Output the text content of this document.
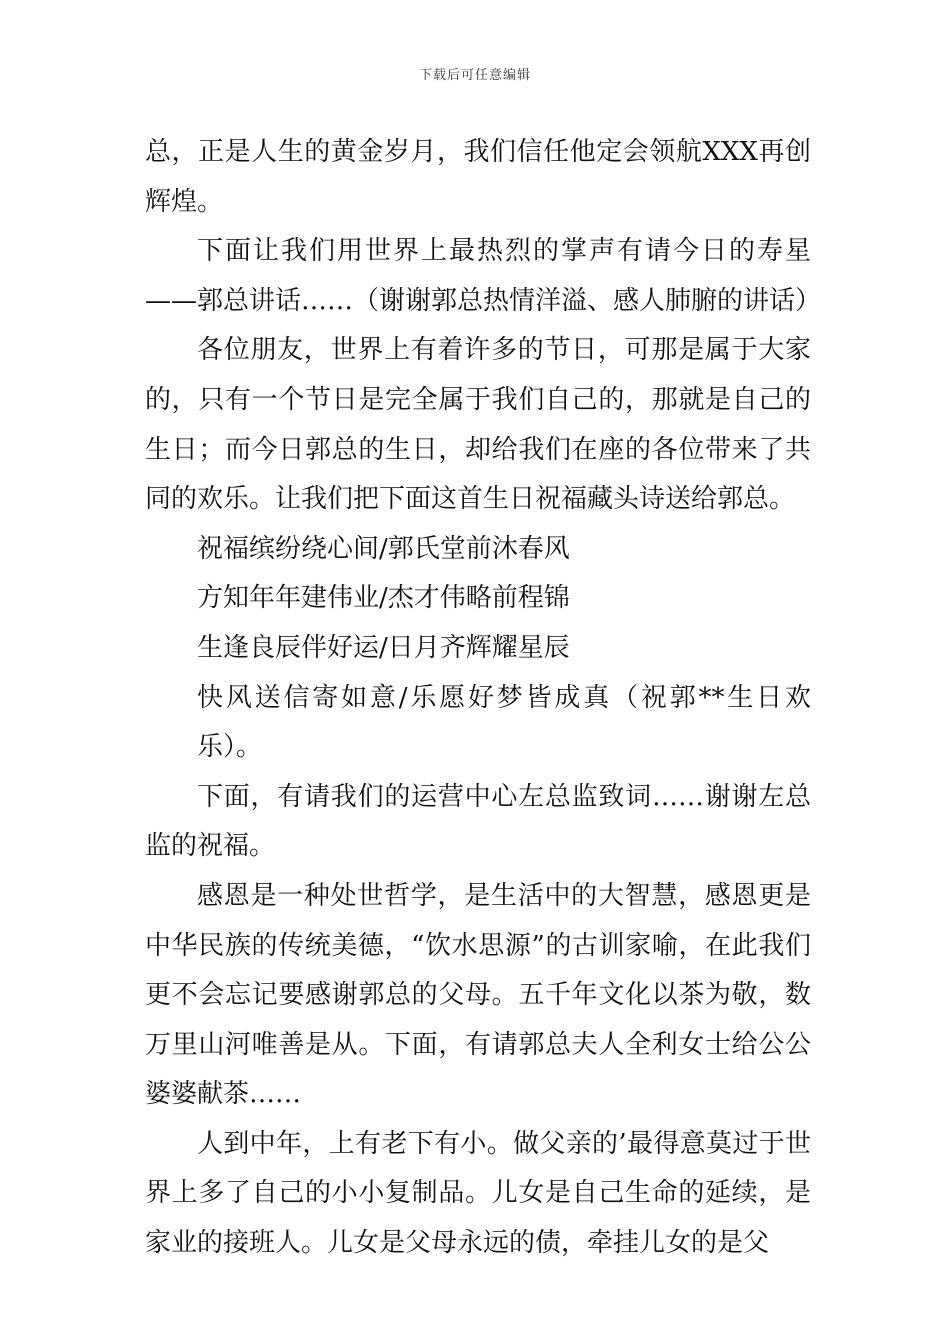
下载后可任意编辑

总，正是人生的黄金岁月，我们信任他定会领航XXX再创辉煌。

下面让我们用世界上最热烈的掌声有请今日的寿星——郭总讲话……（谢谢郭总热情洋溢、感人肺腑的讲话）

各位朋友，世界上有着许多的节日，可那是属于大家的，只有一个节日是完全属于我们自己的，那就是自己的生日；而今日郭总的生日，却给我们在座的各位带来了共同的欢乐。让我们把下面这首生日祝福藏头诗送给郭总。

祝福缤纷绕心间/郭氏堂前沐春风

方知年年建伟业/杰才伟略前程锦

生逢良辰伴好运/日月齐辉耀星辰

快风送信寄如意/乐愿好梦皆成真（祝郭**生日欢乐）。

下面，有请我们的运营中心左总监致词……谢谢左总监的祝福。

感恩是一种处世哲学，是生活中的大智慧，感恩更是中华民族的传统美德，“饮水思源”的古训家喻，在此我们更不会忘记要感谢郭总的父母。五千年文化以茶为敬，数万里山河唯善是从。下面，有请郭总夫人全利女士给公公婆婆献茶……

人到中年，上有老下有小。做父亲的’最得意莫过于世界上多了自己的小小复制品。儿女是自己生命的延续，是家业的接班人。儿女是父母永远的债，牵挂儿女的是父
